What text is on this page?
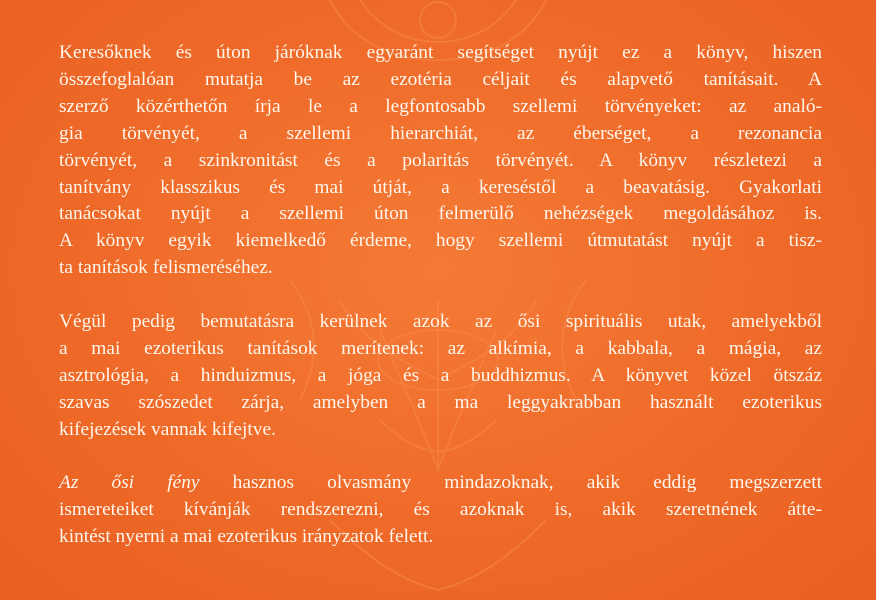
Keresőknek és úton járóknak egyaránt segítséget nyújt ez a könyv, hiszen
összefoglalóan mutatja be az ezotéria céljait és alapvető tanításait. A
szerző közérthetőn írja le a legfontosabb szellemi törvényeket: az analó-
gia törvényét, a szellemi hierarchiát, az éberséget, a rezonancia
törvényét, a szinkronitást és a polaritás törvényét. A könyv részletezi a
tanítvány klasszikus és mai útját, a kereséstől a beavatásig. Gyakorlati
tanácsokat nyújt a szellemi úton felmerülő nehézségek megoldásához is.
A könyv egyik kiemelkedő érdeme, hogy szellemi útmutatást nyújt a tisz-
ta tanítások felismeréséhez.
Végül pedig bemutatásra kerülnek azok az ősi spirituális utak, amelyekből
a mai ezoterikus tanítások merítenek: az alkímia, a kabbala, a mágia, az
asztrológia, a hinduizmus, a jóga és a buddhizmus. A könyvet közel ötszáz
szavas szószedet zárja, amelyben a ma leggyakrabban használt ezoterikus
kifejezések vannak kifejtve.
Az ősi fény hasznos olvasmány mindazoknak, akik eddig megszerzett
ismereteiket kívánják rendszerezni, és azoknak is, akik szeretnének átte-
kintést nyerni a mai ezoterikus irányzatok felett.
